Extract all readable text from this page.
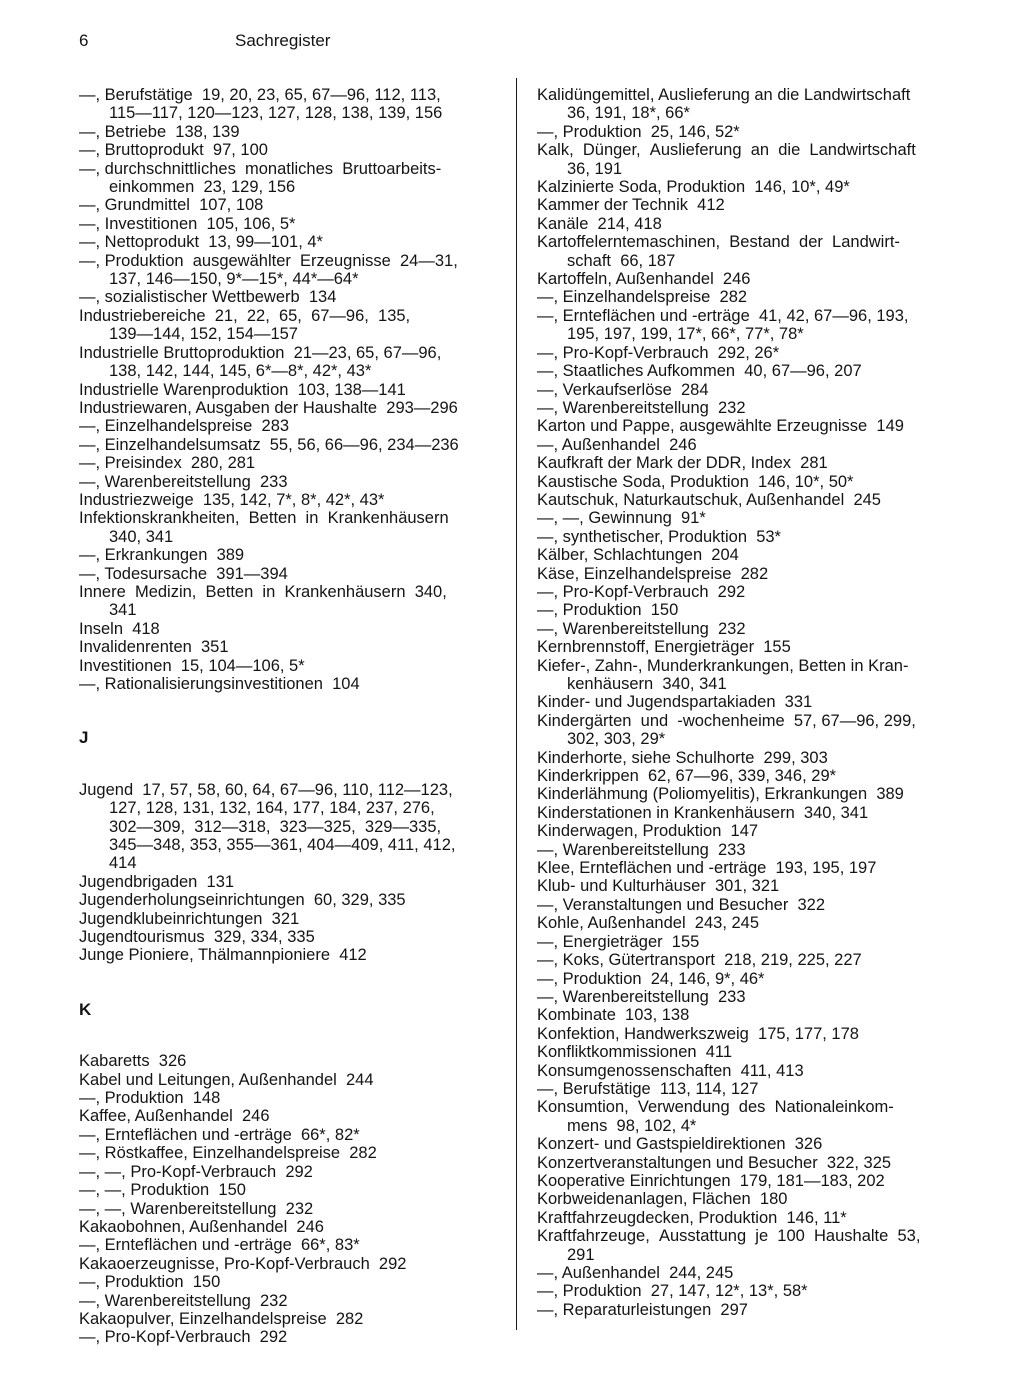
6	Sachregister
—, Berufstätige  19, 20, 23, 65, 67—96, 112, 113,
115—117, 120—123, 127, 128, 138, 139, 156
—, Betriebe  138, 139
—, Bruttoprodukt  97, 100
—, durchschnittliches  monatliches  Bruttoarbeits-
einkommen  23, 129, 156
—, Grundmittel  107, 108
—, Investitionen  105, 106, 5*
—, Nettoprodukt  13, 99—101, 4*
—, Produktion  ausgewählter  Erzeugnisse  24—31,
137, 146—150, 9*—15*, 44*—64*
—, sozialistischer Wettbewerb  134
Industriebereiche  21,  22,  65,  67—96,  135,
139—144, 152, 154—157
Industrielle Bruttoproduktion  21—23, 65, 67—96,
138, 142, 144, 145, 6*—8*, 42*, 43*
Industrielle Warenproduktion  103, 138—141
Industriewaren, Ausgaben der Haushalte  293—296
—, Einzelhandelspreise  283
—, Einzelhandelsumsatz  55, 56, 66—96, 234—236
—, Preisindex  280, 281
—, Warenbereitstellung  233
Industriezweige  135, 142, 7*, 8*, 42*, 43*
Infektionskrankheiten,  Betten  in  Krankenhäusern
340, 341
—, Erkrankungen  389
—, Todesursache  391—394
Innere  Medizin,  Betten  in  Krankenhäusern  340,
341
Inseln  418
Invalidenrenten  351
Investitionen  15, 104—106, 5*
—, Rationalisierungsinvestitionen  104
J
Jugend  17, 57, 58, 60, 64, 67—96, 110, 112—123,
127, 128, 131, 132, 164, 177, 184, 237, 276,
302—309,  312—318,  323—325,  329—335,
345—348, 353, 355—361, 404—409, 411, 412,
414
Jugendbrigaden  131
Jugenderholungseinrichtungen  60, 329, 335
Jugendklubeinrichtungen  321
Jugendtourismus  329, 334, 335
Junge Pioniere, Thälmannpioniere  412
K
Kabaretts  326
Kabel und Leitungen, Außenhandel  244
—, Produktion  148
Kaffee, Außenhandel  246
—, Ernteflächen und -erträge  66*, 82*
—, Röstkaffee, Einzelhandelspreise  282
—, —, Pro-Kopf-Verbrauch  292
—, —, Produktion  150
—, —, Warenbereitstellung  232
Kakaobohnen, Außenhandel  246
—, Ernteflächen und -erträge  66*, 83*
Kakaoerzeugnisse, Pro-Kopf-Verbrauch  292
—, Produktion  150
—, Warenbereitstellung  232
Kakaopulver, Einzelhandelspreise  282
—, Pro-Kopf-Verbrauch  292
Kalidüngemittel, Auslieferung an die Landwirtschaft
36, 191, 18*, 66*
—, Produktion  25, 146, 52*
Kalk,  Dünger,  Auslieferung  an  die  Landwirtschaft
36, 191
Kalzinierte Soda, Produktion  146, 10*, 49*
Kammer der Technik  412
Kanäle  214, 418
Kartoffelerntemaschinen,  Bestand  der  Landwirt-
schaft  66, 187
Kartoffeln, Außenhandel  246
—, Einzelhandelspreise  282
—, Ernteflächen und -erträge  41, 42, 67—96, 193,
195, 197, 199, 17*, 66*, 77*, 78*
—, Pro-Kopf-Verbrauch  292, 26*
—, Staatliches Aufkommen  40, 67—96, 207
—, Verkaufserlöse  284
—, Warenbereitstellung  232
Karton und Pappe, ausgewählte Erzeugnisse  149
—, Außenhandel  246
Kaufkraft der Mark der DDR, Index  281
Kaustische Soda, Produktion  146, 10*, 50*
Kautschuk, Naturkautschuk, Außenhandel  245
—, —, Gewinnung  91*
—, synthetischer, Produktion  53*
Kälber, Schlachtungen  204
Käse, Einzelhandelspreise  282
—, Pro-Kopf-Verbrauch  292
—, Produktion  150
—, Warenbereitstellung  232
Kernbrennstoff, Energieträger  155
Kiefer-, Zahn-, Munderkrankungen, Betten in Kran-
kenhäusern  340, 341
Kinder- und Jugendspartakiaden  331
Kindergärten  und  -wochenheime  57, 67—96, 299,
302, 303, 29*
Kinderhorte, siehe Schulhorte  299, 303
Kinderkrippen  62, 67—96, 339, 346, 29*
Kinderlähmung (Poliomyelitis), Erkrankungen  389
Kinderstationen in Krankenhäusern  340, 341
Kinderwagen, Produktion  147
—, Warenbereitstellung  233
Klee, Ernteflächen und -erträge  193, 195, 197
Klub- und Kulturhäuser  301, 321
—, Veranstaltungen und Besucher  322
Kohle, Außenhandel  243, 245
—, Energieträger  155
—, Koks, Gütertransport  218, 219, 225, 227
—, Produktion  24, 146, 9*, 46*
—, Warenbereitstellung  233
Kombinate  103, 138
Konfektion, Handwerkszweig  175, 177, 178
Konfliktkommissionen  411
Konsumgenossenschaften  411, 413
—, Berufstätige  113, 114, 127
Konsumtion,  Verwendung  des  Nationaleinkom-
mens  98, 102, 4*
Konzert- und Gastspieldirektionen  326
Konzertveranstaltungen und Besucher  322, 325
Kooperative Einrichtungen  179, 181—183, 202
Korbweidenanlagen, Flächen  180
Kraftfahrzeugdecken, Produktion  146, 11*
Kraftfahrzeuge,  Ausstattung  je  100  Haushalte  53,
291
—, Außenhandel  244, 245
—, Produktion  27, 147, 12*, 13*, 58*
—, Reparaturleistungen  297
